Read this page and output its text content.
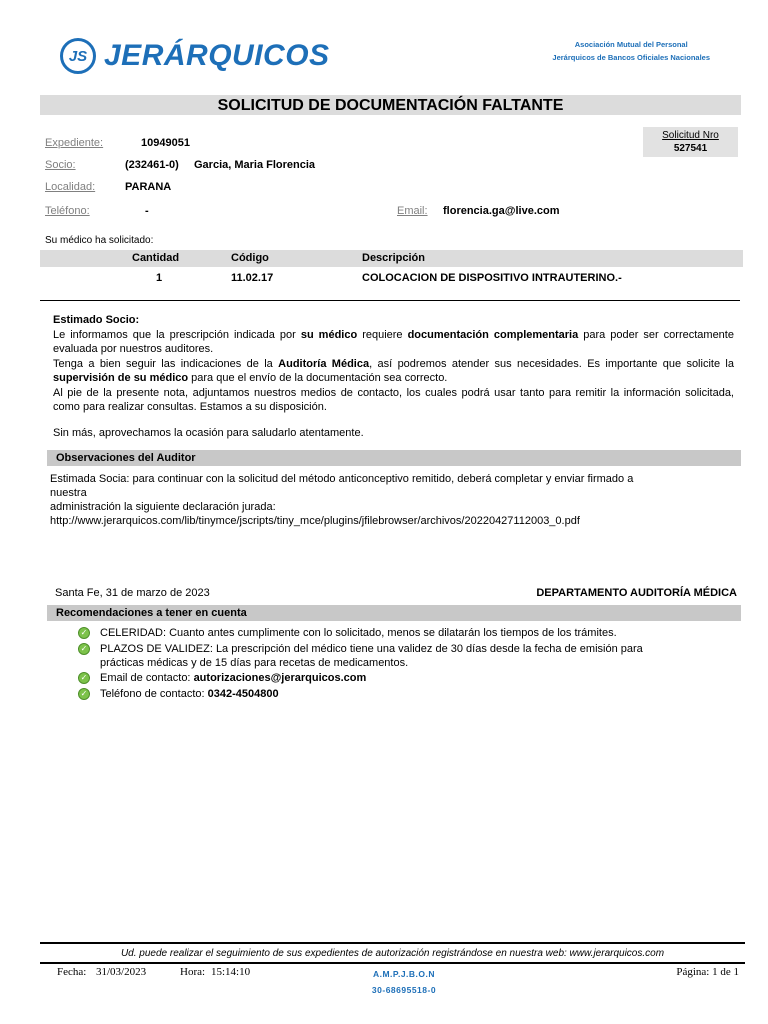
JS JERÁRQUICOS	Asociación Mutual del Personal
Jerárquicos de Bancos Oficiales Nacionales
SOLICITUD DE DOCUMENTACIÓN FALTANTE
Solicitud Nro
527541
Expediente:	10949051
Socio:	(232461-0) Garcia, Maria Florencia
Localidad:	PARANA
Teléfono:	-	Email: florencia.ga@live.com
Su médico ha solicitado:
Cantidad	Código	Descripción
1	11.02.17	COLOCACION DE DISPOSITIVO INTRAUTERINO.-
Estimado Socio:
Le informamos que la prescripción indicada por su médico requiere documentación complementaria para poder ser correctamente evaluada por nuestros auditores.
Tenga a bien seguir las indicaciones de la Auditoría Médica, así podremos atender sus necesidades. Es importante que solicite la supervisión de su médico para que el envío de la documentación sea correcto.
Al pie de la presente nota, adjuntamos nuestros medios de contacto, los cuales podrá usar tanto para remitir la información solicitada, como para realizar consultas. Estamos a su disposición.
Sin más, aprovechamos la ocasión para saludarlo atentamente.
Observaciones del Auditor
Estimada Socia: para continuar con la solicitud del método anticonceptivo remitido, deberá completar y enviar firmado a
nuestra
administración la siguiente declaración jurada:
http://www.jerarquicos.com/lib/tinymce/jscripts/tiny_mce/plugins/jfilebrowser/archivos/20220427112003_0.pdf
Santa Fe, 31 de marzo de 2023	DEPARTAMENTO AUDITORÍA MÉDICA
Recomendaciones a tener en cuenta
✓ CELERIDAD: Cuanto antes cumplimente con lo solicitado, menos se dilatarán los tiempos de los trámites.
✓ PLAZOS DE VALIDEZ: La prescripción del médico tiene una validez de 30 días desde la fecha de emisión para
prácticas médicas y de 15 días para recetas de medicamentos.
✓ Email de contacto: autorizaciones@jerarquicos.com
✓ Teléfono de contacto: 0342-4504800
Ud. puede realizar el seguimiento de sus expedientes de autorización registrándose en nuestra web: www.jerarquicos.com
Fecha: 31/03/2023	Hora: 15:14:10	A.M.P.J.B.O.N
30-68695518-0
Página: 1 de 1
